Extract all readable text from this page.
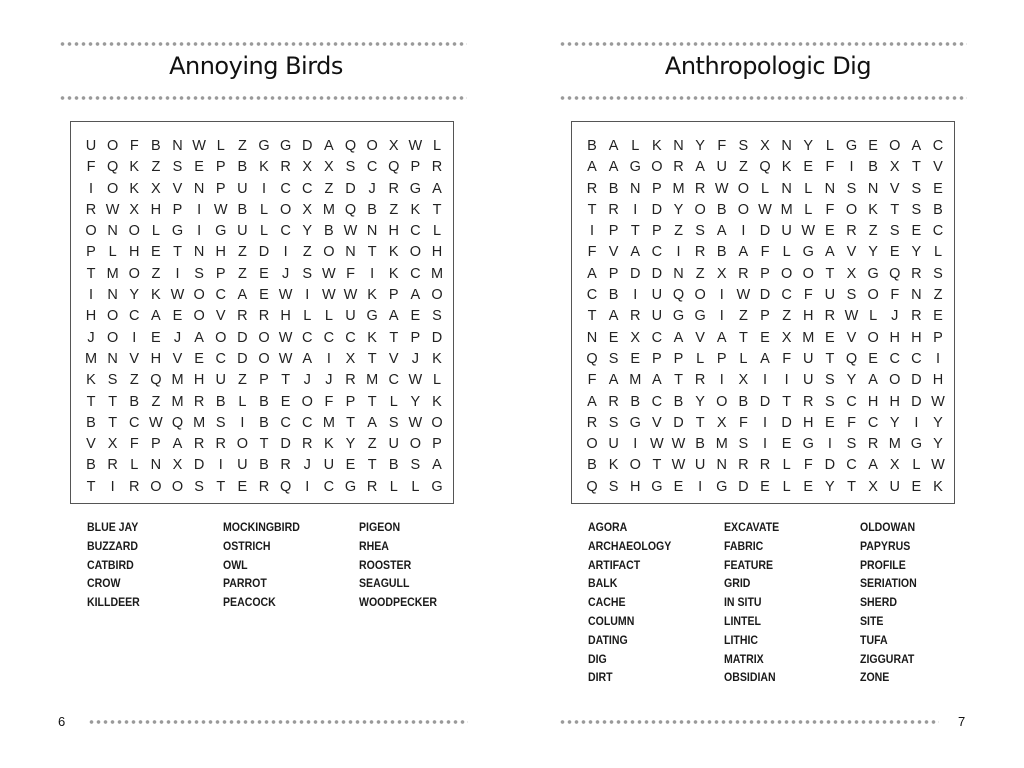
Annoying Birds
U O F B N W L Z G G D A Q O X W L
F Q K Z S E P B K R X X S C Q P R
I O K X V N P U I C C Z D J R G A
R W X H P	I W B L O X M Q B Z K T
O N O L G I G U L C Y B W N H C L
P L H E T N H Z D I	Z O N T K O H
T M O Z	I	S P Z E J S W F	I	K C M
I N Y K W O C A E W I W W K P A O
H O C A E O V R R H L L U G A E S
J O I	E J A O D O W C C C K T P D
M N V H V E C D O W A	I	X T V J K
K S Z Q M H U Z P T J J R M C W L
T T B Z M R B L B E O F P T L Y K
B T C W Q M S	I	B C C M T A S W O
V X F P A R R O T D R K Y Z U O P
B R L N X D I U B R J U E T B S A
T	I R O O S T E R Q I C G R L L G
BLUE JAY
BUZZARD
CATBIRD
CROW
KILLDEER
MOCKINGBIRD
OSTRICH
OWL
PARROT
PEACOCK
PIGEON
RHEA
ROOSTER
SEAGULL
WOODPECKER
6
Anthropologic Dig
B A L K N Y F S X N Y L G E O A C
A A G O R A U Z Q K E F	I	B X T V
R B N P M R W O L N L N S N V S E
T R I D Y O B O W M L F O K T S B
I	P T P Z S A	I D U W E R Z S E C
F V A C I R B A F L G A V Y E Y L
A P D D N Z X R P O O T X G Q R S
C B	I U Q O I W D C F U S O F N Z
T A R U G G I	Z P Z H R W L J R E
N E X C A V A T E X M E V O H H P
Q S E P P L P L A F U T Q E C C I
F A M A T R I	X	I	I U S Y A O D H
A R B C B Y O B D T R S C H H D W
R S G V D T X F	I D H E F C Y	I	Y
O U I W W B M S	I	E G I	S R M G Y
B K O T W U N R R L F D C A X L W
Q S H G E	I G D E L E Y T X U E K
AGORA
ARCHAEOLOGY
ARTIFACT
BALK
CACHE
COLUMN
DATING
DIG
DIRT
EXCAVATE
FABRIC
FEATURE
GRID
IN SITU
LINTEL
LITHIC
MATRIX
OBSIDIAN
OLDOWAN
PAPYRUS
PROFILE
SERIATION
SHERD
SITE
TUFA
ZIGGURAT
ZONE
7
